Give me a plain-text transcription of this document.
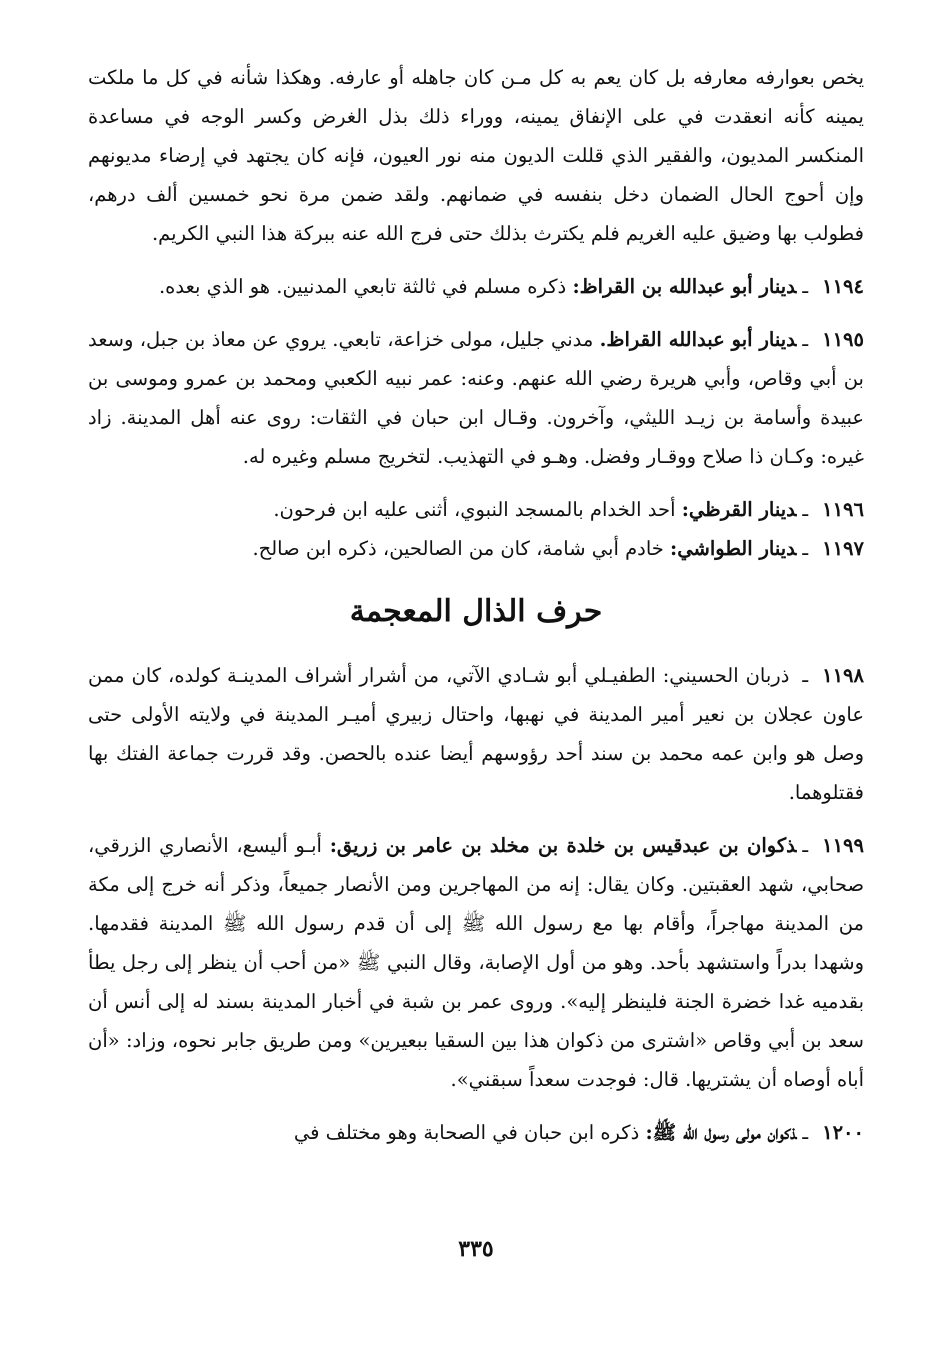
يخص بعوارفه معارفه بل كان يعم به كل مـن كان جاهله أو عارفه. وهكذا شأنه في كل ما ملكت يمينه كأنه انعقدت في على الإنفاق يمينه، ووراء ذلك بذل الغرض وكسر الوجه في مساعدة المنكسر المديون، والفقير الذي قللت الديون منه نور العيون، فإنه كان يجتهد في إرضاء مديونهم وإن أحوج الحال الضمان دخل بنفسه في ضمانهم. ولقد ضمن مرة نحو خمسين ألف درهم، فطولب بها وضيق عليه الغريم فلم يكترث بذلك حتى فرج الله عنه ببركة هذا النبي الكريم.

١١٩٤ـدينار أبو عبدالله بن القراظ: ذكره مسلم في ثالثة تابعي المدنيين. هو الذي بعده.

١١٩٥ـدينار أبو عبدالله القراظ. مدني جليل، مولى خزاعة، تابعي. يروي عن معاذ بن جبل، وسعد بن أبي وقاص، وأبي هريرة رضي الله عنهم. وعنه: عمر نبيه الكعبي ومحمد بن عمرو وموسى بن عبيدة وأسامة بن زيـد الليثي، وآخرون. وقـال ابن حبان في الثقات: روى عنه أهل المدينة. زاد غيره: وكـان ذا صلاح ووقـار وفضل. وهـو في التهذيب. لتخريج مسلم وغيره له.

١١٩٦ـدينار القرظي: أحد الخدام بالمسجد النبوي، أثنى عليه ابن فرحون.

١١٩٧ـدينار الطواشي: خادم أبي شامة، كان من الصالحين، ذكره ابن صالح.

حرف الذال المعجمة

١١٩٨ـ ذربان الحسيني: الطفيـلي أبو شـادي الآتي، من أشرار أشراف المدينـة كولده، كان ممن عاون عجلان بن نعير أمير المدينة في نهبها، واحتال زبيري أميـر المدينة في ولايته الأولى حتى وصل هو وابن عمه محمد بن سند أحد رؤوسهم أيضا عنده بالحصن. وقد قررت جماعة الفتك بها فقتلوهما.

١١٩٩ـذكوان بن عبدقيس بن خلدة بن مخلد بن عامر بن زريق: أبـو أليسع، الأنصاري الزرقي، صحابي، شهد العقبتين. وكان يقال: إنه من المهاجرين ومن الأنصار جميعاً، وذكر أنه خرج إلى مكة من المدينة مهاجراً، وأقام بها مع رسول الله ﷺ إلى أن قدم رسول الله ﷺ المدينة فقدمها. وشهدا بدراً واستشهد بأحد. وهو من أول الإصابة، وقال النبي ﷺ «من أحب أن ينظر إلى رجل يطأ بقدميه غدا خضرة الجنة فلينظر إليه». وروى عمر بن شبة في أخبار المدينة بسند له إلى أنس أن سعد بن أبي وقاص «اشترى من ذكوان هذا بين السقيا ببعيرين» ومن طريق جابر نحوه، وزاد: «أن أباه أوصاه أن يشتريها. قال: فوجدت سعداً سبقني».

١٢٠٠ـذكوان مولى رسول الله ﷺ: ذكره ابن حبان في الصحابة وهو مختلف في

٣٣٥
